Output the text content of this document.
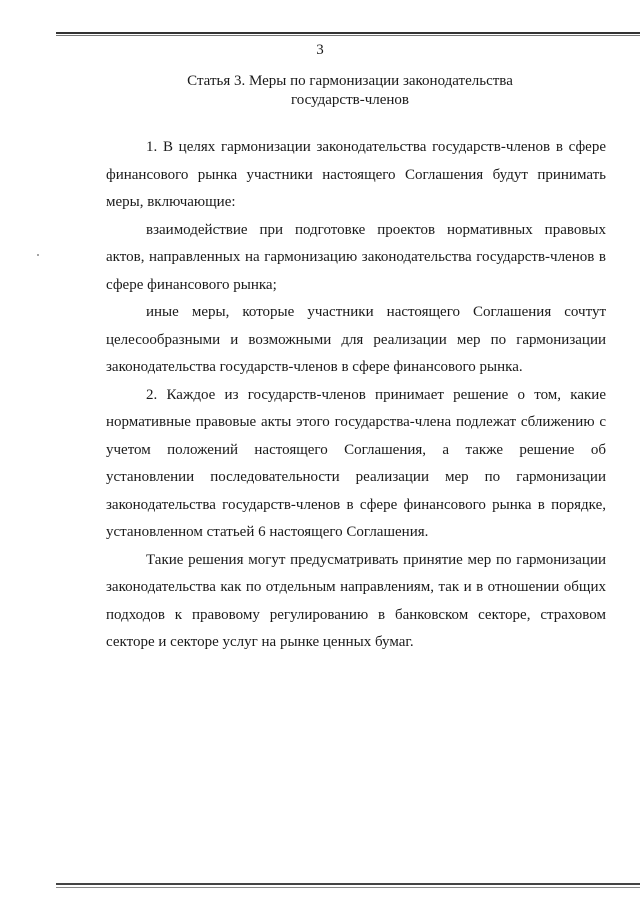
3
Статья 3. Меры по гармонизации законодательства
государств-членов

1. В целях гармонизации законодательства государств-членов в сфере финансового рынка участники настоящего Соглашения будут принимать меры, включающие:

взаимодействие при подготовке проектов нормативных правовых актов, направленных на гармонизацию законодательства государств-членов в сфере финансового рынка;

иные меры, которые участники настоящего Соглашения сочтут целесообразными и возможными для реализации мер по гармонизации законодательства государств-членов в сфере финансового рынка.

2. Каждое из государств-членов принимает решение о том, какие нормативные правовые акты этого государства-члена подлежат сближению с учетом положений настоящего Соглашения, а также решение об установлении последовательности реализации мер по гармонизации законодательства государств-членов в сфере финансового рынка в порядке, установленном статьей 6 настоящего Соглашения.

Такие решения могут предусматривать принятие мер по гармонизации законодательства как по отдельным направлениям, так и в отношении общих подходов к правовому регулированию в банковском секторе, страховом секторе и секторе услуг на рынке ценных бумаг.
